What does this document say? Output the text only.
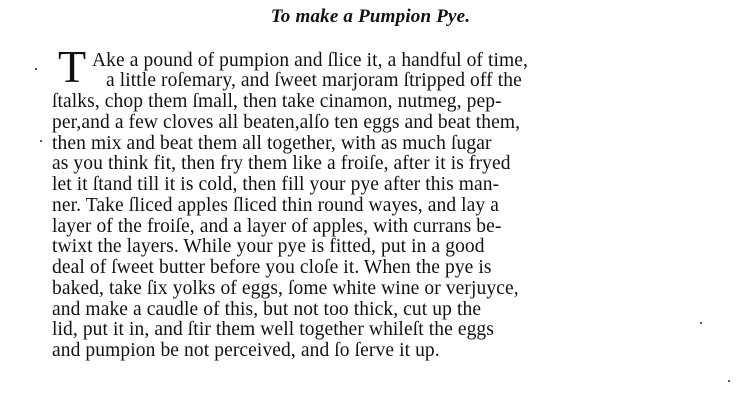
To make a Pumpion Pye.
T Ake a pound of pumpion and ſlice it, a handful of time,
a little roſemary, and ſweet marjoram ſtripped off the
ſtalks, chop them ſmall, then take cinamon, nutmeg, pep-
per,and a few cloves all beaten,alſo ten eggs and beat them,
then mix and beat them all together, with as much ſugar
as you think fit, then fry them like a froiſe, after it is fryed
let it ſtand till it is cold, then fill your pye after this man-
ner. Take ſliced apples ſliced thin round wayes, and lay a
layer of the froiſe, and a layer of apples, with currans be-
twixt the layers. While your pye is fitted, put in a good
deal of ſweet butter before you cloſe it. When the pye is
baked, take ſix yolks of eggs, ſome white wine or verjuyce,
and make a caudle of this, but not too thick, cut up the
lid, put it in, and ſtir them well together whileſt the eggs
and pumpion be not perceived, and ſo ſerve it up.
